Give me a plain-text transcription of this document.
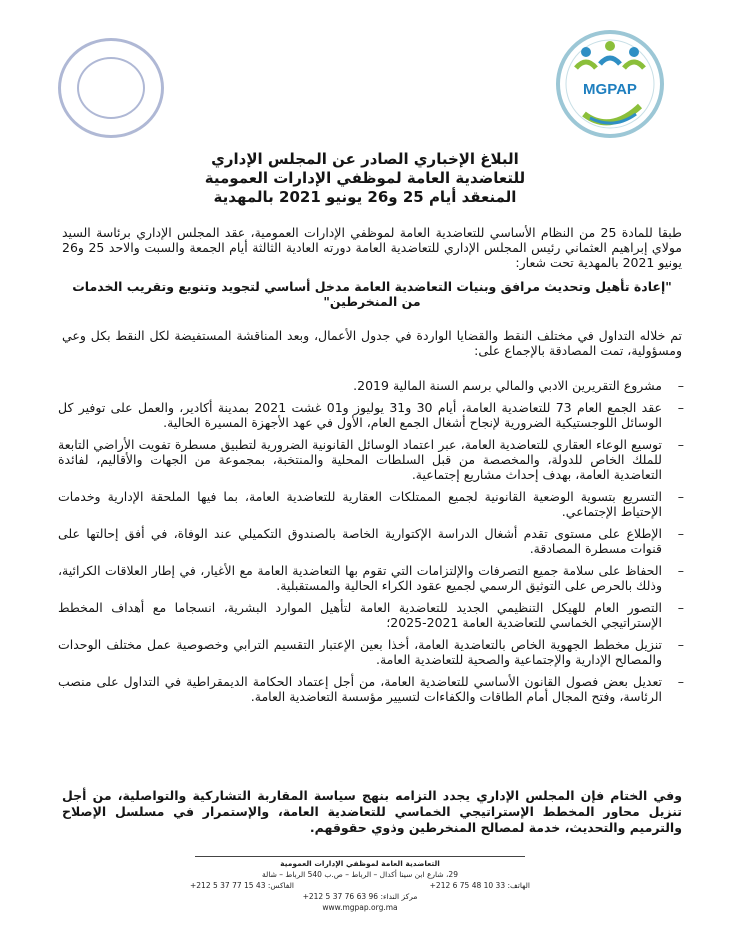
MGPAP
البلاغ الإخباري الصادر عن المجلس الإداري
للتعاضدية العامة لموظفي الإدارات العمومية
المنعقد أيام 25 و26 يونيو 2021 بالمهدية
طبقا للمادة 25 من النظام الأساسي للتعاضدية العامة لموظفي الإدارات العمومية، عقد المجلس الإداري برئاسة السيد مولاي إبراهيم العثماني رئيس المجلس الإداري للتعاضدية العامة دورته العادية الثالثة أيام الجمعة والسبت والاحد 25 و26 يونيو 2021 بالمهدية تحت شعار:
"إعادة تأهيل وتحديث مرافق وبنيات التعاضدية العامة مدخل أساسي لتجويد وتنويع وتقريب الخدمات من المنخرطين"
تم خلاله التداول في مختلف النقط والقضايا الواردة في جدول الأعمال، وبعد المناقشة المستفيضة لكل النقط بكل وعي ومسؤولية، تمت المصادقة بالإجماع على:
– مشروع التقريرين الادبي والمالي برسم السنة المالية 2019.
– عقد الجمع العام 73 للتعاضدية العامة، أيام 30 و31 يوليوز و01 غشت 2021 بمدينة أكادير، والعمل على توفير كل الوسائل اللوجستيكية الضرورية لإنجاح أشغال الجمع العام، الأول في عهد الأجهزة المسيرة الحالية.
– توسيع الوعاء العقاري للتعاضدية العامة، عبر اعتماد الوسائل القانونية الضرورية لتطبيق مسطرة تفويت الأراضي التابعة للملك الخاص للدولة، والمخصصة من قبل السلطات المحلية والمنتخبة، بمجموعة من الجهات والأقاليم، لفائدة التعاضدية العامة، بهدف إحداث مشاريع إجتماعية.
– التسريع بتسوية الوضعية القانونية لجميع الممتلكات العقارية للتعاضدية العامة، بما فيها الملحقة الإدارية وخدمات الإحتياط الإجتماعي.
– الإطلاع على مستوى تقدم أشغال الدراسة الإكتوارية الخاصة بالصندوق التكميلي عند الوفاة، في أفق إحالتها على قنوات مسطرة المصادقة.
– الحفاظ على سلامة جميع التصرفات والإلتزامات التي تقوم بها التعاضدية العامة مع الأغيار، في إطار العلاقات الكرائية، وذلك بالحرص على التوثيق الرسمي لجميع عقود الكراء الحالية والمستقبلية.
– التصور العام للهيكل التنظيمي الجديد للتعاضدية العامة لتأهيل الموارد البشرية، انسجاما مع أهداف المخطط الإستراتيجي الخماسي للتعاضدية العامة 2021-2025؛
– تنزيل مخطط الجهوية الخاص بالتعاضدية العامة، أخذا بعين الإعتبار التقسيم الترابي وخصوصية عمل مختلف الوحدات والمصالح الإدارية والإجتماعية والصحية للتعاضدية العامة.
– تعديل بعض فصول القانون الأساسي للتعاضدية العامة، من أجل إعتماد الحكامة الديمقراطية في التداول على منصب الرئاسة، وفتح المجال أمام الطاقات والكفاءات لتسيير مؤسسة التعاضدية العامة.
وفي الختام فإن المجلس الإداري يجدد التزامه بنهج سياسة المقاربة التشاركية والتواصلية، من أجل تنزيل محاور المخطط الإستراتيجي الخماسي للتعاضدية العامة، والإستمرار في مسلسل الإصلاح والترميم والتحديث، خدمة لمصالح المنخرطين وذوي حقوقهم.
التعاضدية العامة لموظفي الإدارات العمومية
29، شارع ابن سينا أكدال – الرباط – ص.ب 540 الرباط – شالة
الهاتف: +212 6 75 48 10 33
الفاكس: +212 5 37 77 15 43
مركز النداء: +212 5 37 76 63 96
www.mgpap.org.ma
